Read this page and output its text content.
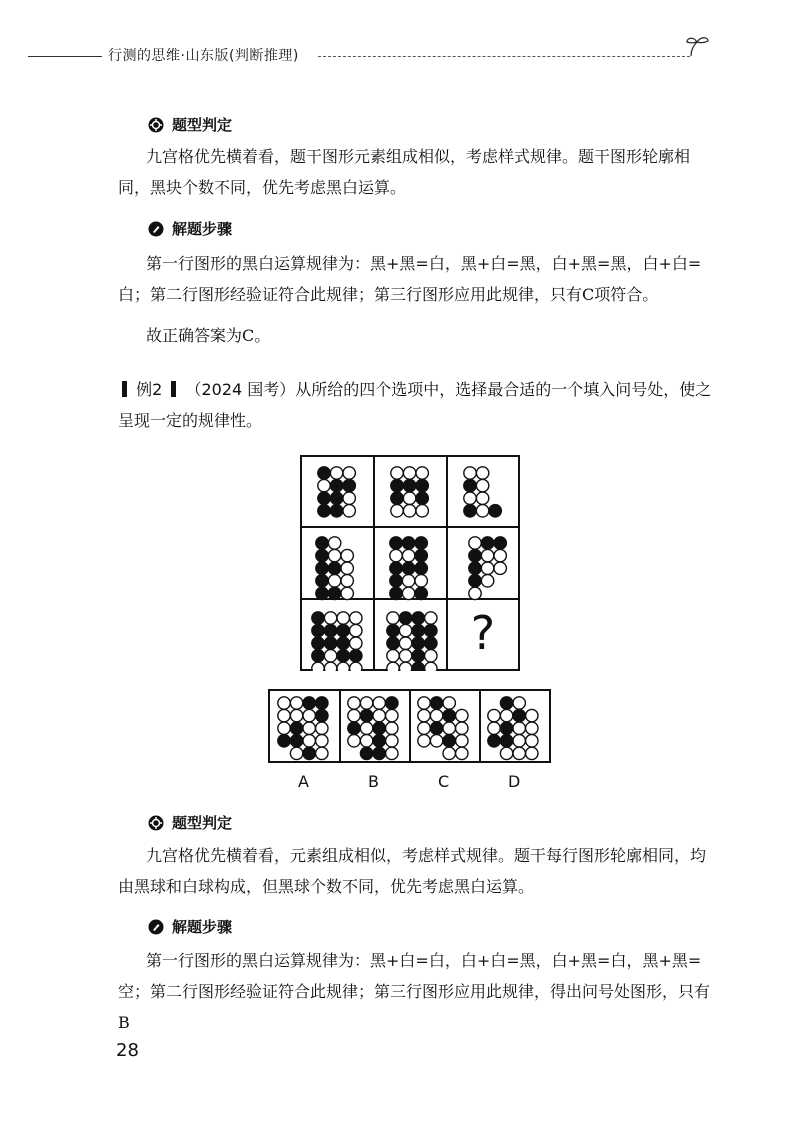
行测的思维·山东版(判断推理)
题型判定
九宫格优先横着看，题干图形元素组成相似，考虑样式规律。题干图形轮廓相同，黑块个数不同，优先考虑黑白运算。
解题步骤
第一行图形的黑白运算规律为：黑+黑=白，黑+白=黑，白+黑=黑，白+白=白；第二行图形经验证符合此规律；第三行图形应用此规律，只有C项符合。
故正确答案为C。
例2 （2024 国考）从所给的四个选项中，选择最合适的一个填入问号处，使之呈现一定的规律性。
?
A	B	C	D
题型判定
九宫格优先横着看，元素组成相似，考虑样式规律。题干每行图形轮廓相同，均由黑球和白球构成，但黑球个数不同，优先考虑黑白运算。
解题步骤
第一行图形的黑白运算规律为：黑+白=白，白+白=黑，白+黑=白，黑+黑=空；第二行图形经验证符合此规律；第三行图形应用此规律，得出问号处图形，只有B
28
